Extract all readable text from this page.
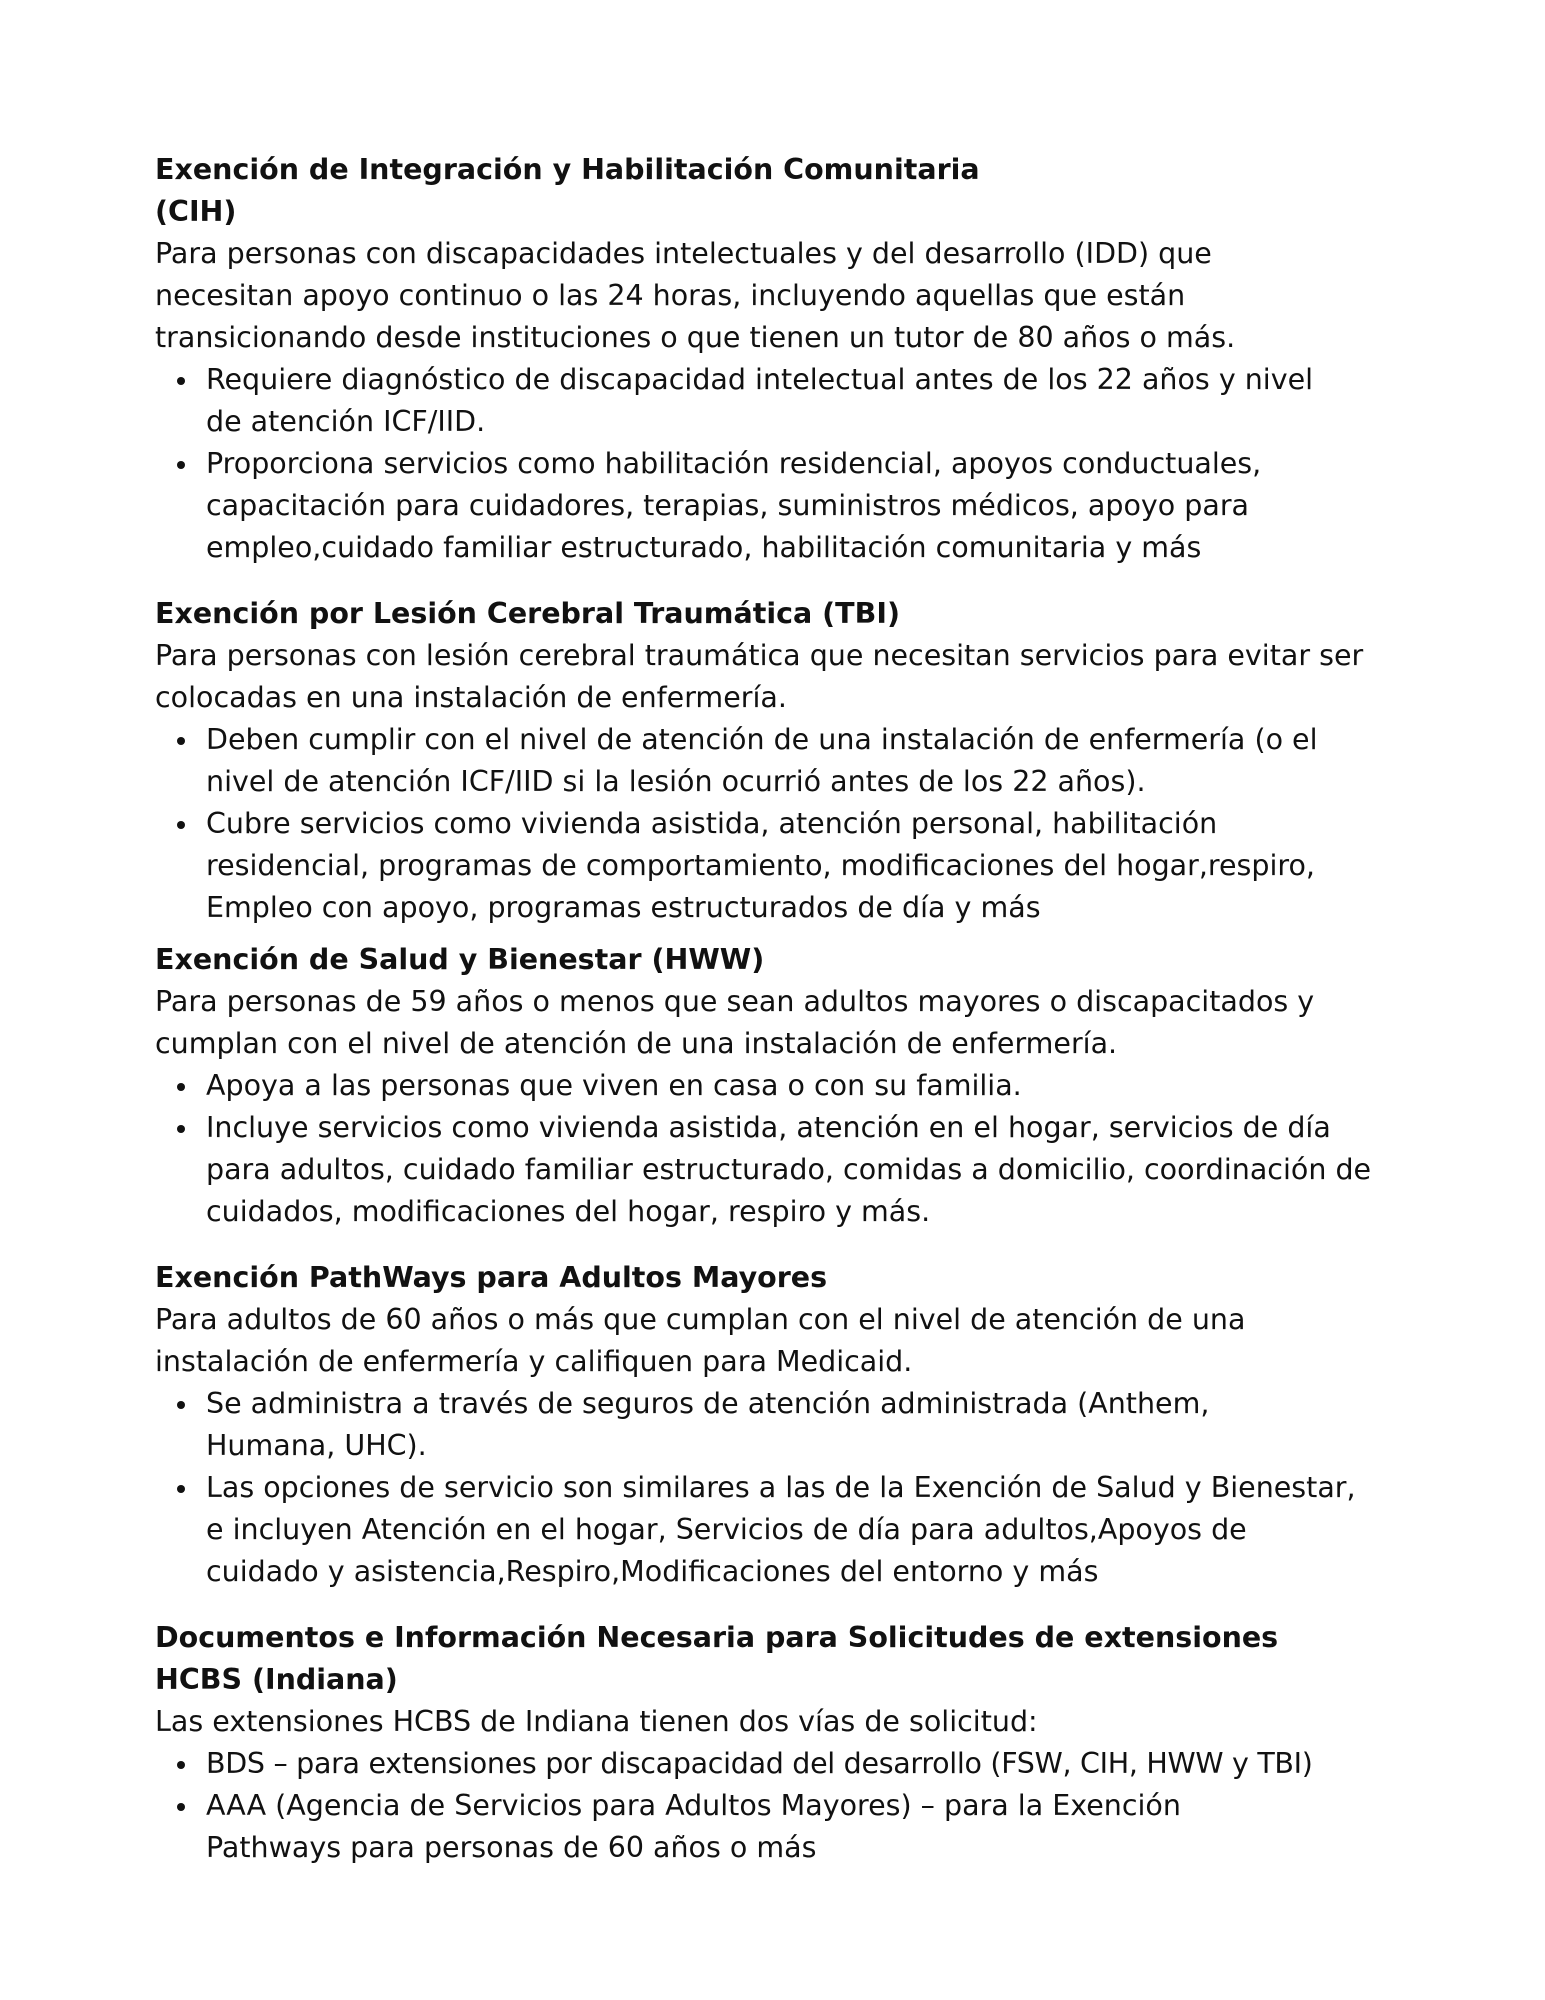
Exención de Integración y Habilitación Comunitaria (CIH)
Para personas con discapacidades intelectuales y del desarrollo (IDD) que necesitan apoyo continuo o las 24 horas, incluyendo aquellas que están transicionando desde instituciones o que tienen un tutor de 80 años o más.
Requiere diagnóstico de discapacidad intelectual antes de los 22 años y nivel de atención ICF/IID.
Proporciona servicios como habilitación residencial, apoyos conductuales, capacitación para cuidadores, terapias, suministros médicos, apoyo para empleo,cuidado familiar estructurado, habilitación comunitaria y más
Exención por Lesión Cerebral Traumática (TBI)
Para personas con lesión cerebral traumática que necesitan servicios para evitar ser colocadas en una instalación de enfermería.
Deben cumplir con el nivel de atención de una instalación de enfermería (o el nivel de atención ICF/IID si la lesión ocurrió antes de los 22 años).
Cubre servicios como vivienda asistida, atención personal, habilitación residencial, programas de comportamiento, modificaciones del hogar,respiro, Empleo con apoyo, programas estructurados de día y más
Exención de Salud y Bienestar (HWW)
Para personas de 59 años o menos que sean adultos mayores o discapacitados y cumplan con el nivel de atención de una instalación de enfermería.
Apoya a las personas que viven en casa o con su familia.
Incluye servicios como vivienda asistida, atención en el hogar, servicios de día para adultos, cuidado familiar estructurado, comidas a domicilio, coordinación de cuidados, modificaciones del hogar, respiro y más.
Exención PathWays para Adultos Mayores
Para adultos de 60 años o más que cumplan con el nivel de atención de una instalación de enfermería y califiquen para Medicaid.
Se administra a través de seguros de atención administrada (Anthem, Humana, UHC).
Las opciones de servicio son similares a las de la Exención de Salud y Bienestar, e incluyen Atención en el hogar, Servicios de día para adultos,Apoyos de cuidado y asistencia,Respiro,Modificaciones del entorno y más
Documentos e Información Necesaria para Solicitudes de extensiones HCBS (Indiana)
Las extensiones HCBS de Indiana tienen dos vías de solicitud:
BDS – para extensiones por discapacidad del desarrollo (FSW, CIH, HWW y TBI)
AAA (Agencia de Servicios para Adultos Mayores) – para la Exención Pathways para personas de 60 años o más
